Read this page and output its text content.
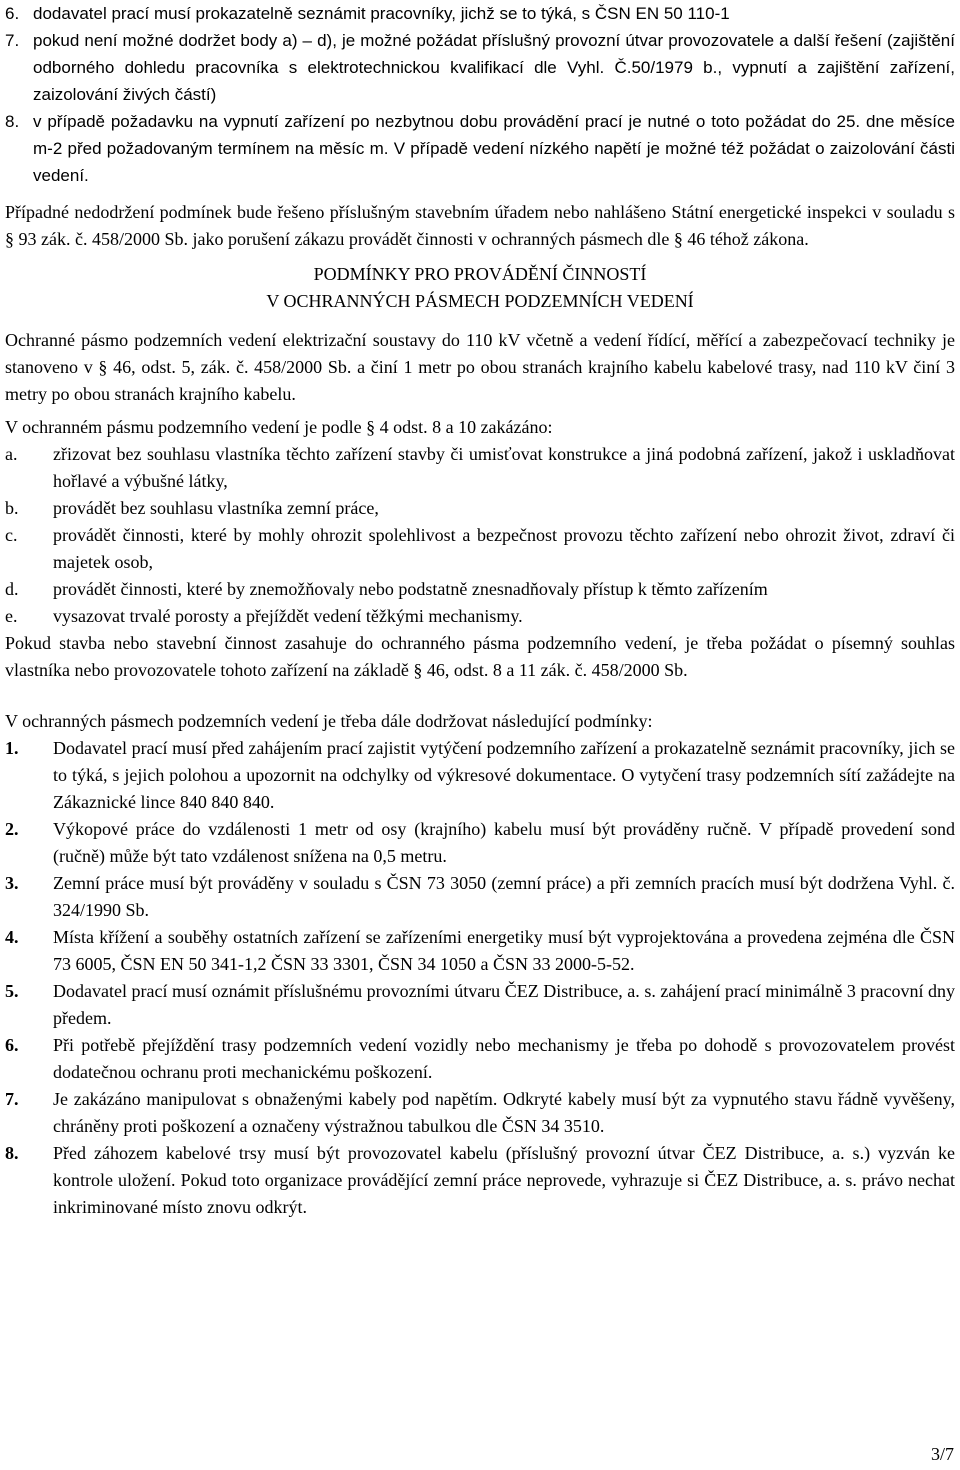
6. dodavatel prací musí prokazatelně seznámit pracovníky, jichž se to týká, s ČSN EN 50 110-1
7. pokud není možné dodržet body a) – d), je možné požádat příslušný provozní útvar provozovatele a další řešení (zajištění odborného dohledu pracovníka s elektrotechnickou kvalifikací dle Vyhl. Č.50/1979 b., vypnutí a zajištění zařízení, zaizolování živých částí)
8. v případě požadavku na vypnutí zařízení po nezbytnou dobu provádění prací je nutné o toto požádat do 25. dne měsíce m-2 před požadovaným termínem na měsíc m. V případě vedení nízkého napětí je možné též požádat o zaizolování části vedení.

Případné nedodržení podmínek bude řešeno příslušným stavebním úřadem nebo nahlášeno Státní energetické inspekci v souladu s § 93 zák. č. 458/2000 Sb. jako porušení zákazu provádět činnosti v ochranných pásmech dle § 46 téhož zákona.

PODMÍNKY PRO PROVÁDĚNÍ ČINNOSTÍ
V OCHRANNÝCH PÁSMECH PODZEMNÍCH VEDENÍ

Ochranné pásmo podzemních vedení elektrizační soustavy do 110 kV včetně a vedení řídící, měřící a zabezpečovací techniky je stanoveno v § 46, odst. 5, zák. č. 458/2000 Sb. a činí 1 metr po obou stranách krajního kabelu kabelové trasy, nad 110 kV činí 3 metry po obou stranách krajního kabelu.

V ochranném pásmu podzemního vedení je podle § 4 odst. 8 a 10 zakázáno:

a.	zřizovat bez souhlasu vlastníka těchto zařízení stavby či umisťovat konstrukce a jiná podobná zařízení, jakož i uskladňovat hořlavé a výbušné látky,
b.	provádět bez souhlasu vlastníka zemní práce,
c.	provádět činnosti, které by mohly ohrozit spolehlivost a bezpečnost provozu těchto zařízení nebo ohrozit život, zdraví či majetek osob,
d.	provádět činnosti, které by znemožňovaly nebo podstatně znesnadňovaly přístup k těmto zařízením
e.	vysazovat trvalé porosty a přejíždět vedení těžkými mechanismy.

Pokud stavba nebo stavební činnost zasahuje do ochranného pásma podzemního vedení, je třeba požádat o písemný souhlas vlastníka nebo provozovatele tohoto zařízení na základě § 46, odst. 8 a 11 zák. č. 458/2000 Sb.

V ochranných pásmech podzemních vedení je třeba dále dodržovat následující podmínky:

1.	Dodavatel prací musí před zahájením prací zajistit vytýčení podzemního zařízení a prokazatelně seznámit pracovníky, jich se to týká, s jejich polohou a upozornit na odchylky od výkresové dokumentace. O vytyčení trasy podzemních sítí zažádejte na Zákaznické lince 840 840 840.
2.	Výkopové práce do vzdálenosti 1 metr od osy (krajního) kabelu musí být prováděny ručně. V případě provedení sond (ručně) může být tato vzdálenost snížena na 0,5 metru.
3.	Zemní práce musí být prováděny v souladu s ČSN 73 3050 (zemní práce) a při zemních pracích musí být dodržena Vyhl. č. 324/1990 Sb.
4.	Místa křížení a souběhy ostatních zařízení se zařízeními energetiky musí být vyprojektována a provedena zejména dle ČSN 73 6005, ČSN EN 50 341-1,2 ČSN 33 3301, ČSN 34 1050 a ČSN 33 2000-5-52.
5.	Dodavatel prací musí oznámit příslušnému provozními útvaru ČEZ Distribuce, a. s. zahájení prací minimálně 3 pracovní dny předem.
6.	Při potřebě přejíždění trasy podzemních vedení vozidly nebo mechanismy je třeba po dohodě s provozovatelem provést dodatečnou ochranu proti mechanickému poškození.
7.	Je zakázáno manipulovat s obnaženými kabely pod napětím. Odkryté kabely musí být za vypnutého stavu řádně vyvěšeny, chráněny proti poškození a označeny výstražnou tabulkou dle ČSN 34 3510.
8.	Před záhozem kabelové trsy musí být provozovatel kabelu (příslušný provozní útvar ČEZ Distribuce, a. s.) vyzván ke kontrole uložení. Pokud toto organizace provádějící zemní práce neprovede, vyhrazuje si ČEZ Distribuce, a. s. právo nechat inkriminované místo znovu odkrýt.
3/7
